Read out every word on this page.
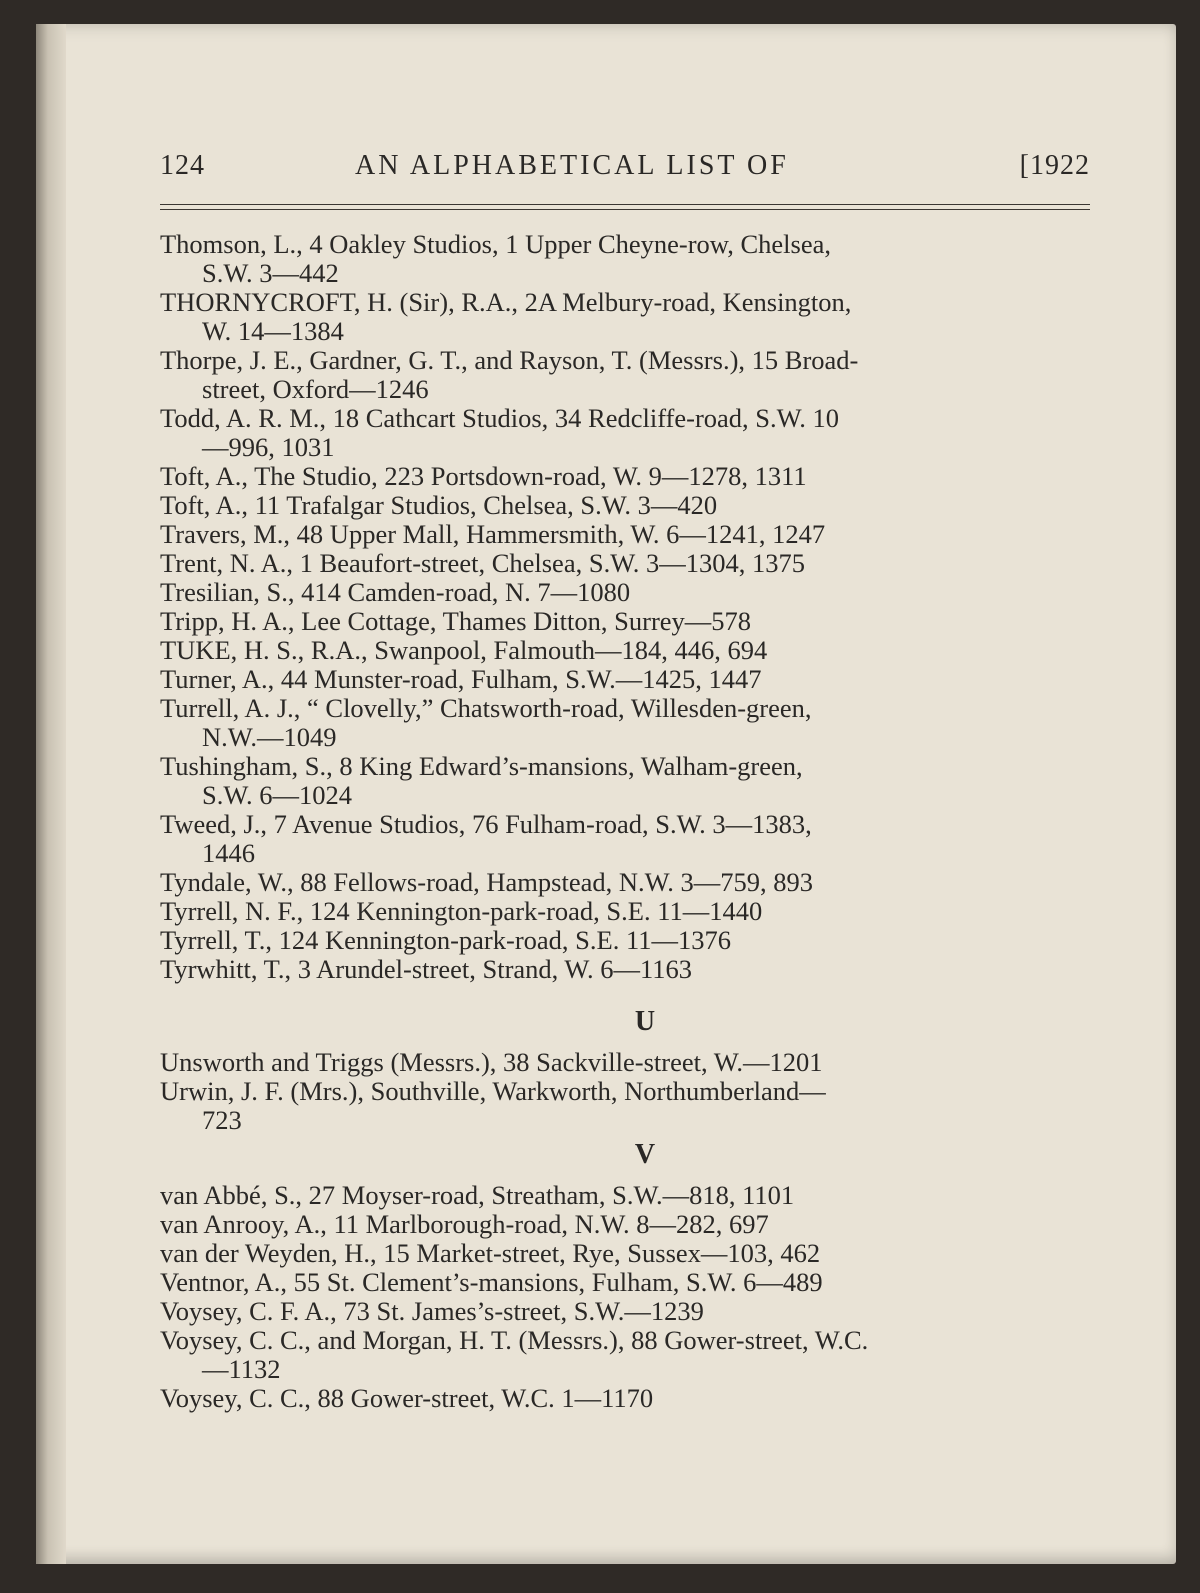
124	AN ALPHABETICAL LIST OF	[1922
Thomson, L., 4 Oakley Studios, 1 Upper Cheyne-row, Chelsea,
S.W. 3—442
THORNYCROFT, H. (Sir), R.A., 2A Melbury-road, Kensington,
W. 14—1384
Thorpe, J. E., Gardner, G. T., and Rayson, T. (Messrs.), 15 Broad-
street, Oxford—1246
Todd, A. R. M., 18 Cathcart Studios, 34 Redcliffe-road, S.W. 10
—996, 1031
Toft, A., The Studio, 223 Portsdown-road, W. 9—1278, 1311
Toft, A., 11 Trafalgar Studios, Chelsea, S.W. 3—420
Travers, M., 48 Upper Mall, Hammersmith, W. 6—1241, 1247
Trent, N. A., 1 Beaufort-street, Chelsea, S.W. 3—1304, 1375
Tresilian, S., 414 Camden-road, N. 7—1080
Tripp, H. A., Lee Cottage, Thames Ditton, Surrey—578
TUKE, H. S., R.A., Swanpool, Falmouth—184, 446, 694
Turner, A., 44 Munster-road, Fulham, S.W.—1425, 1447
Turrell, A. J., “ Clovelly,” Chatsworth-road, Willesden-green,
N.W.—1049
Tushingham, S., 8 King Edward’s-mansions, Walham-green,
S.W. 6—1024
Tweed, J., 7 Avenue Studios, 76 Fulham-road, S.W. 3—1383,
1446
Tyndale, W., 88 Fellows-road, Hampstead, N.W. 3—759, 893
Tyrrell, N. F., 124 Kennington-park-road, S.E. 11—1440
Tyrrell, T., 124 Kennington-park-road, S.E. 11—1376
Tyrwhitt, T., 3 Arundel-street, Strand, W. 6—1163
U
Unsworth and Triggs (Messrs.), 38 Sackville-street, W.—1201
Urwin, J. F. (Mrs.), Southville, Warkworth, Northumberland—
723
V
van Abbé, S., 27 Moyser-road, Streatham, S.W.—818, 1101
van Anrooy, A., 11 Marlborough-road, N.W. 8—282, 697
van der Weyden, H., 15 Market-street, Rye, Sussex—103, 462
Ventnor, A., 55 St. Clement’s-mansions, Fulham, S.W. 6—489
Voysey, C. F. A., 73 St. James’s-street, S.W.—1239
Voysey, C. C., and Morgan, H. T. (Messrs.), 88 Gower-street, W.C.
—1132
Voysey, C. C., 88 Gower-street, W.C. 1—1170
